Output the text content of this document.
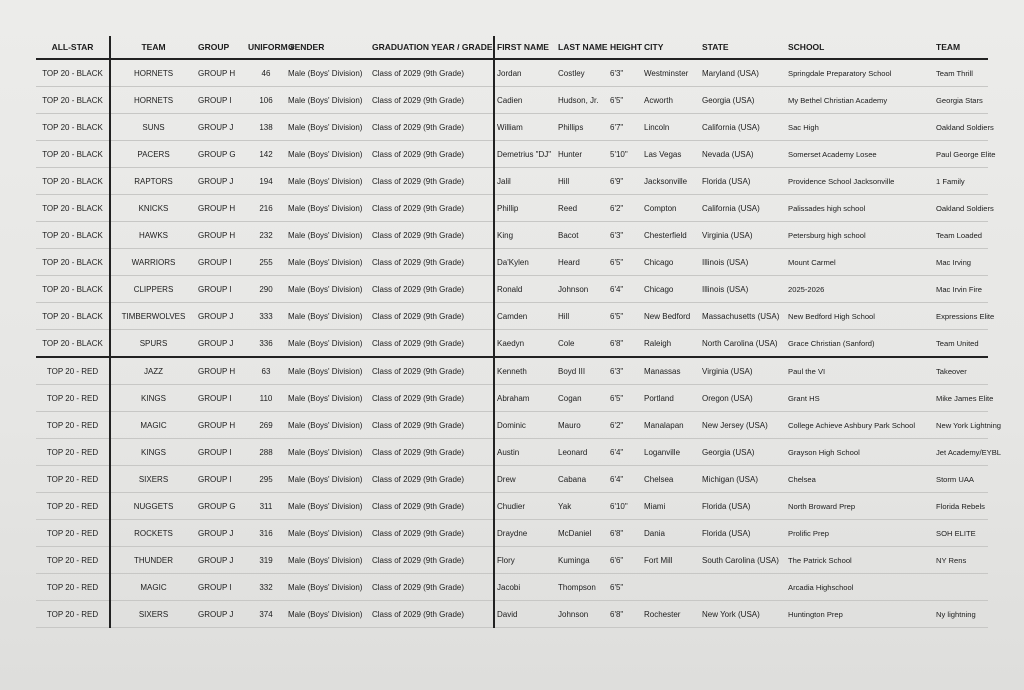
ALL-STAR	TEAM	GROUP	UNIFORM #	GENDER	GRADUATION YEAR / GRADE	FIRST NAME	LAST NAME	HEIGHT	CITY	STATE	SCHOOL	TEAM
TOP 20 - BLACK	HORNETS	GROUP H	46	Male (Boys' Division)	Class of 2029 (9th Grade)	Jordan	Costley	6'3"	Westminster	Maryland (USA)	Springdale Preparatory School	Team Thrill
TOP 20 - BLACK	HORNETS	GROUP I	106	Male (Boys' Division)	Class of 2029 (9th Grade)	Cadien	Hudson, Jr.	6'5"	Acworth	Georgia (USA)	My Bethel Christian Academy	Georgia Stars
TOP 20 - BLACK	SUNS	GROUP J	138	Male (Boys' Division)	Class of 2029 (9th Grade)	William	Phillips	6'7"	Lincoln	California (USA)	Sac High	Oakland Soldiers
TOP 20 - BLACK	PACERS	GROUP G	142	Male (Boys' Division)	Class of 2029 (9th Grade)	Demetrius "DJ"	Hunter	5'10"	Las Vegas	Nevada (USA)	Somerset Academy Losee	Paul George Elite
TOP 20 - BLACK	RAPTORS	GROUP J	194	Male (Boys' Division)	Class of 2029 (9th Grade)	Jalil	Hill	6'9"	Jacksonville	Florida (USA)	Providence School Jacksonville	1 Family
TOP 20 - BLACK	KNICKS	GROUP H	216	Male (Boys' Division)	Class of 2029 (9th Grade)	Phillip	Reed	6'2"	Compton	California (USA)	Palissades high school	Oakland Soldiers
TOP 20 - BLACK	HAWKS	GROUP H	232	Male (Boys' Division)	Class of 2029 (9th Grade)	King	Bacot	6'3"	Chesterfield	Virginia (USA)	Petersburg high school	Team Loaded
TOP 20 - BLACK	WARRIORS	GROUP I	255	Male (Boys' Division)	Class of 2029 (9th Grade)	Da'Kylen	Heard	6'5"	Chicago	Illinois (USA)	Mount Carmel	Mac Irving
TOP 20 - BLACK	CLIPPERS	GROUP I	290	Male (Boys' Division)	Class of 2029 (9th Grade)	Ronald	Johnson	6'4"	Chicago	Illinois (USA)	2025-2026	Mac Irvin Fire
TOP 20 - BLACK	TIMBERWOLVES	GROUP J	333	Male (Boys' Division)	Class of 2029 (9th Grade)	Camden	Hill	6'5"	New Bedford	Massachusetts (USA)	New Bedford High School	Expressions Elite
TOP 20 - BLACK	SPURS	GROUP J	336	Male (Boys' Division)	Class of 2029 (9th Grade)	Kaedyn	Cole	6'8"	Raleigh	North Carolina (USA)	Grace Christian (Sanford)	Team United
TOP 20 - RED	JAZZ	GROUP H	63	Male (Boys' Division)	Class of 2029 (9th Grade)	Kenneth	Boyd III	6'3"	Manassas	Virginia (USA)	Paul the VI	Takeover
TOP 20 - RED	KINGS	GROUP I	110	Male (Boys' Division)	Class of 2029 (9th Grade)	Abraham	Cogan	6'5"	Portland	Oregon (USA)	Grant HS	Mike James Elite
TOP 20 - RED	MAGIC	GROUP H	269	Male (Boys' Division)	Class of 2029 (9th Grade)	Dominic	Mauro	6'2"	Manalapan	New Jersey (USA)	College Achieve Ashbury Park School	New York Lightning
TOP 20 - RED	KINGS	GROUP I	288	Male (Boys' Division)	Class of 2029 (9th Grade)	Austin	Leonard	6'4"	Loganville	Georgia (USA)	Grayson High School	Jet Academy/EYBL
TOP 20 - RED	SIXERS	GROUP I	295	Male (Boys' Division)	Class of 2029 (9th Grade)	Drew	Cabana	6'4"	Chelsea	Michigan (USA)	Chelsea	Storm UAA
TOP 20 - RED	NUGGETS	GROUP G	311	Male (Boys' Division)	Class of 2029 (9th Grade)	Chudier	Yak	6'10"	Miami	Florida (USA)	North Broward Prep	Florida Rebels
TOP 20 - RED	ROCKETS	GROUP J	316	Male (Boys' Division)	Class of 2029 (9th Grade)	Draydne	McDaniel	6'8"	Dania	Florida (USA)	Prolific Prep	SOH ELITE
TOP 20 - RED	THUNDER	GROUP J	319	Male (Boys' Division)	Class of 2029 (9th Grade)	Flory	Kuminga	6'6"	Fort Mill	South Carolina (USA)	The Patrick School	NY Rens
TOP 20 - RED	MAGIC	GROUP I	332	Male (Boys' Division)	Class of 2029 (9th Grade)	Jacobi	Thompson	6'5"			Arcadia Highschool	
TOP 20 - RED	SIXERS	GROUP J	374	Male (Boys' Division)	Class of 2029 (9th Grade)	David	Johnson	6'8"	Rochester	New York (USA)	Huntington Prep	Ny lightning
